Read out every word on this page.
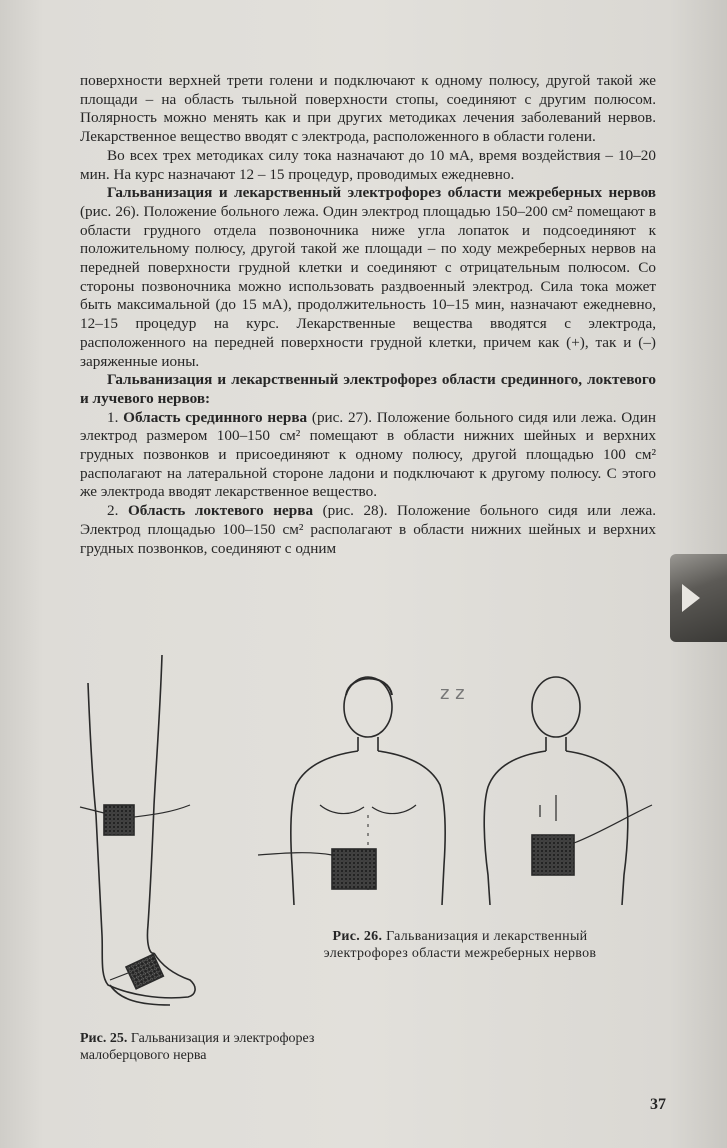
поверхности верхней трети голени и подключают к одному полюсу, другой такой же площади – на область тыльной поверхности стопы, соединяют с другим полюсом. Полярность можно менять как и при других методиках лечения заболеваний нервов. Лекарственное вещество вводят с электрода, расположенного в области голени.

Во всех трех методиках силу тока назначают до 10 мА, время воздействия – 10–20 мин. На курс назначают 12 – 15 процедур, проводимых ежедневно.

Гальванизация и лекарственный электрофорез области межреберных нервов (рис. 26). Положение больного лежа. Один электрод площадью 150–200 см² помещают в области грудного отдела позвоночника ниже угла лопаток и подсоединяют к положительному полюсу, другой такой же площади – по ходу межреберных нервов на передней поверхности грудной клетки и соединяют с отрицательным полюсом. Со стороны позвоночника можно использовать раздвоенный электрод. Сила тока может быть максимальной (до 15 мА), продолжительность 10–15 мин, назначают ежедневно, 12–15 процедур на курс. Лекарственные вещества вводятся с электрода, расположенного на передней поверхности грудной клетки, причем как (+), так и (–) заряженные ионы.

Гальванизация и лекарственный электрофорез области срединного, локтевого и лучевого нервов:

1. Область срединного нерва (рис. 27). Положение больного сидя или лежа. Один электрод размером 100–150 см² помещают в области нижних шейных и верхних грудных позвонков и присоединяют к одному полюсу, другой площадью 100 см² располагают на латеральной стороне ладони и подключают к другому полюсу. С этого же электрода вводят лекарственное вещество.

2. Область локтевого нерва (рис. 28). Положение больного сидя или лежа. Электрод площадью 100–150 см² располагают в области нижних шейных и верхних грудных позвонков, соединяют с одним

z z
Рис. 26. Гальванизация и лекарственный электрофорез области межреберных нервов
Рис. 25. Гальванизация и электрофорез малоберцового нерва
37
